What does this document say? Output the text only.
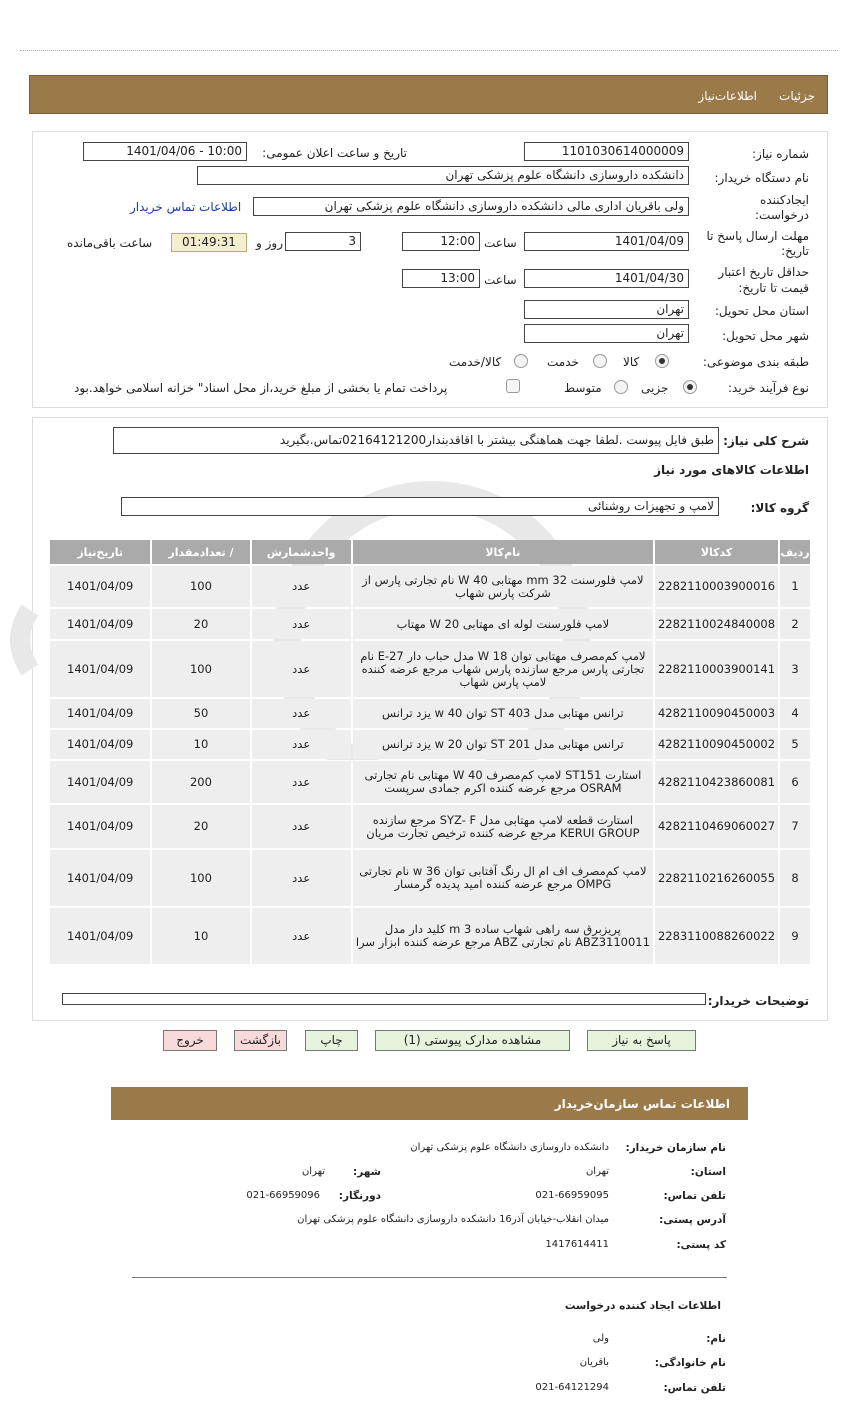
جزئیات
اطلاعات‌نیاز
شماره نیاز:
1101030614000009
تاریخ و ساعت اعلان عمومی:
1401/04/06 - 10:00
نام دستگاه خریدار:
دانشکده داروسازی دانشگاه علوم پزشکی تهران
ایجادکننده
درخواست:
ولی باقریان اداری مالی دانشکده داروسازی دانشگاه علوم پزشکی تهران
اطلاعات تماس خریدار
مهلت ارسال پاسخ تا
تاریخ:
1401/04/09
ساعت
12:00
3
روز و
01:49:31
ساعت باقی‌مانده
حداقل تاریخ اعتبار
قیمت تا تاریخ:
1401/04/30
ساعت
13:00
استان محل تحویل:
تهران
شهر محل تحویل:
تهران
طبقه بندی موضوعی:
کالا
خدمت
کالا/خدمت
نوع فرآیند خرید:
جزیی
متوسط
پرداخت تمام یا بخشی از مبلغ خرید،از محل اسناد" خزانه اسلامی خواهد.بود
شرح کلی نیاز:
طبق فایل پیوست .لطفا جهت هماهنگی بیشتر با اقاقدبندار02164121200تماس.بگیرید
اطلاعات کالاهای مورد نیاز
گروه کالا:
لامپ و تجهیزات روشنائی
ردیف	کدکالا	نام‌کالا	واحدشمارش	/ تعدادمقدار	تاریخ‌نیاز
1	2282110003900016	لامپ فلورسنت 32 mm مهتابی 40 W نام تجارتی پارس از شرکت پارس شهاب	عدد	100	1401/04/09
2	2282110024840008	لامپ فلورسنت لوله ای مهتابی 20 W مهتاب	عدد	20	1401/04/09
3	2282110003900141	لامپ کم‌مصرف مهتابی توان 18 W مدل حباب دار E-27 نام تجارتی پارس مرجع سازنده پارس شهاب مرجع عرضه کننده لامپ پارس شهاب	عدد	100	1401/04/09
4	4282110090450003	ترانس مهتابی مدل ST 403 توان 40 w یزد ترانس	عدد	50	1401/04/09
5	4282110090450002	ترانس مهتابی مدل ST 201 توان 20 w یزد ترانس	عدد	10	1401/04/09
6	4282110423860081	استارت ST151 لامپ کم‌مصرف 40 W مهتابی نام تجارتی OSRAM مرجع عرضه کننده اکرم جمادی سرپست	عدد	200	1401/04/09
7	4282110469060027	استارت قطعه لامپ مهتابی مدل SYZ- F مرجع سازنده KERUI GROUP مرجع عرضه کننده ترخیص تجارت مریان	عدد	20	1401/04/09
8	2282110216260055	لامپ کم‌مصرف اف ام ال رنگ آفتابی توان 36 w نام تجارتی OMPG مرجع عرضه کننده امید پدیده گرمسار	عدد	100	1401/04/09
9	2283110088260022	پریزبرق سه راهی شهاب ساده 3 m کلید دار مدل ABZ3110011 نام تجارتی ABZ مرجع عرضه کننده ابزار سرا	عدد	10	1401/04/09
توضیحات خریدار:
پاسخ به نیاز
مشاهده مدارک پیوستی (1)
چاپ
بازگشت
خروج
اطلاعات تماس سازمان‌خریدار
نام سازمان خریدار:
دانشکده داروسازی دانشگاه علوم پزشکی تهران
استان:
تهران
شهر:
تهران
تلفن تماس:
021-66959095
دورنگار:
021-66959096
آدرس پستی:
میدان انقلاب-خیابان آذر16 دانشکده داروسازی دانشگاه علوم پزشکی تهران
کد پستی:
1417614411
اطلاعات ایجاد کننده درخواست
نام:
ولی
نام خانوادگی:
باقریان
تلفن تماس:
021-64121294
